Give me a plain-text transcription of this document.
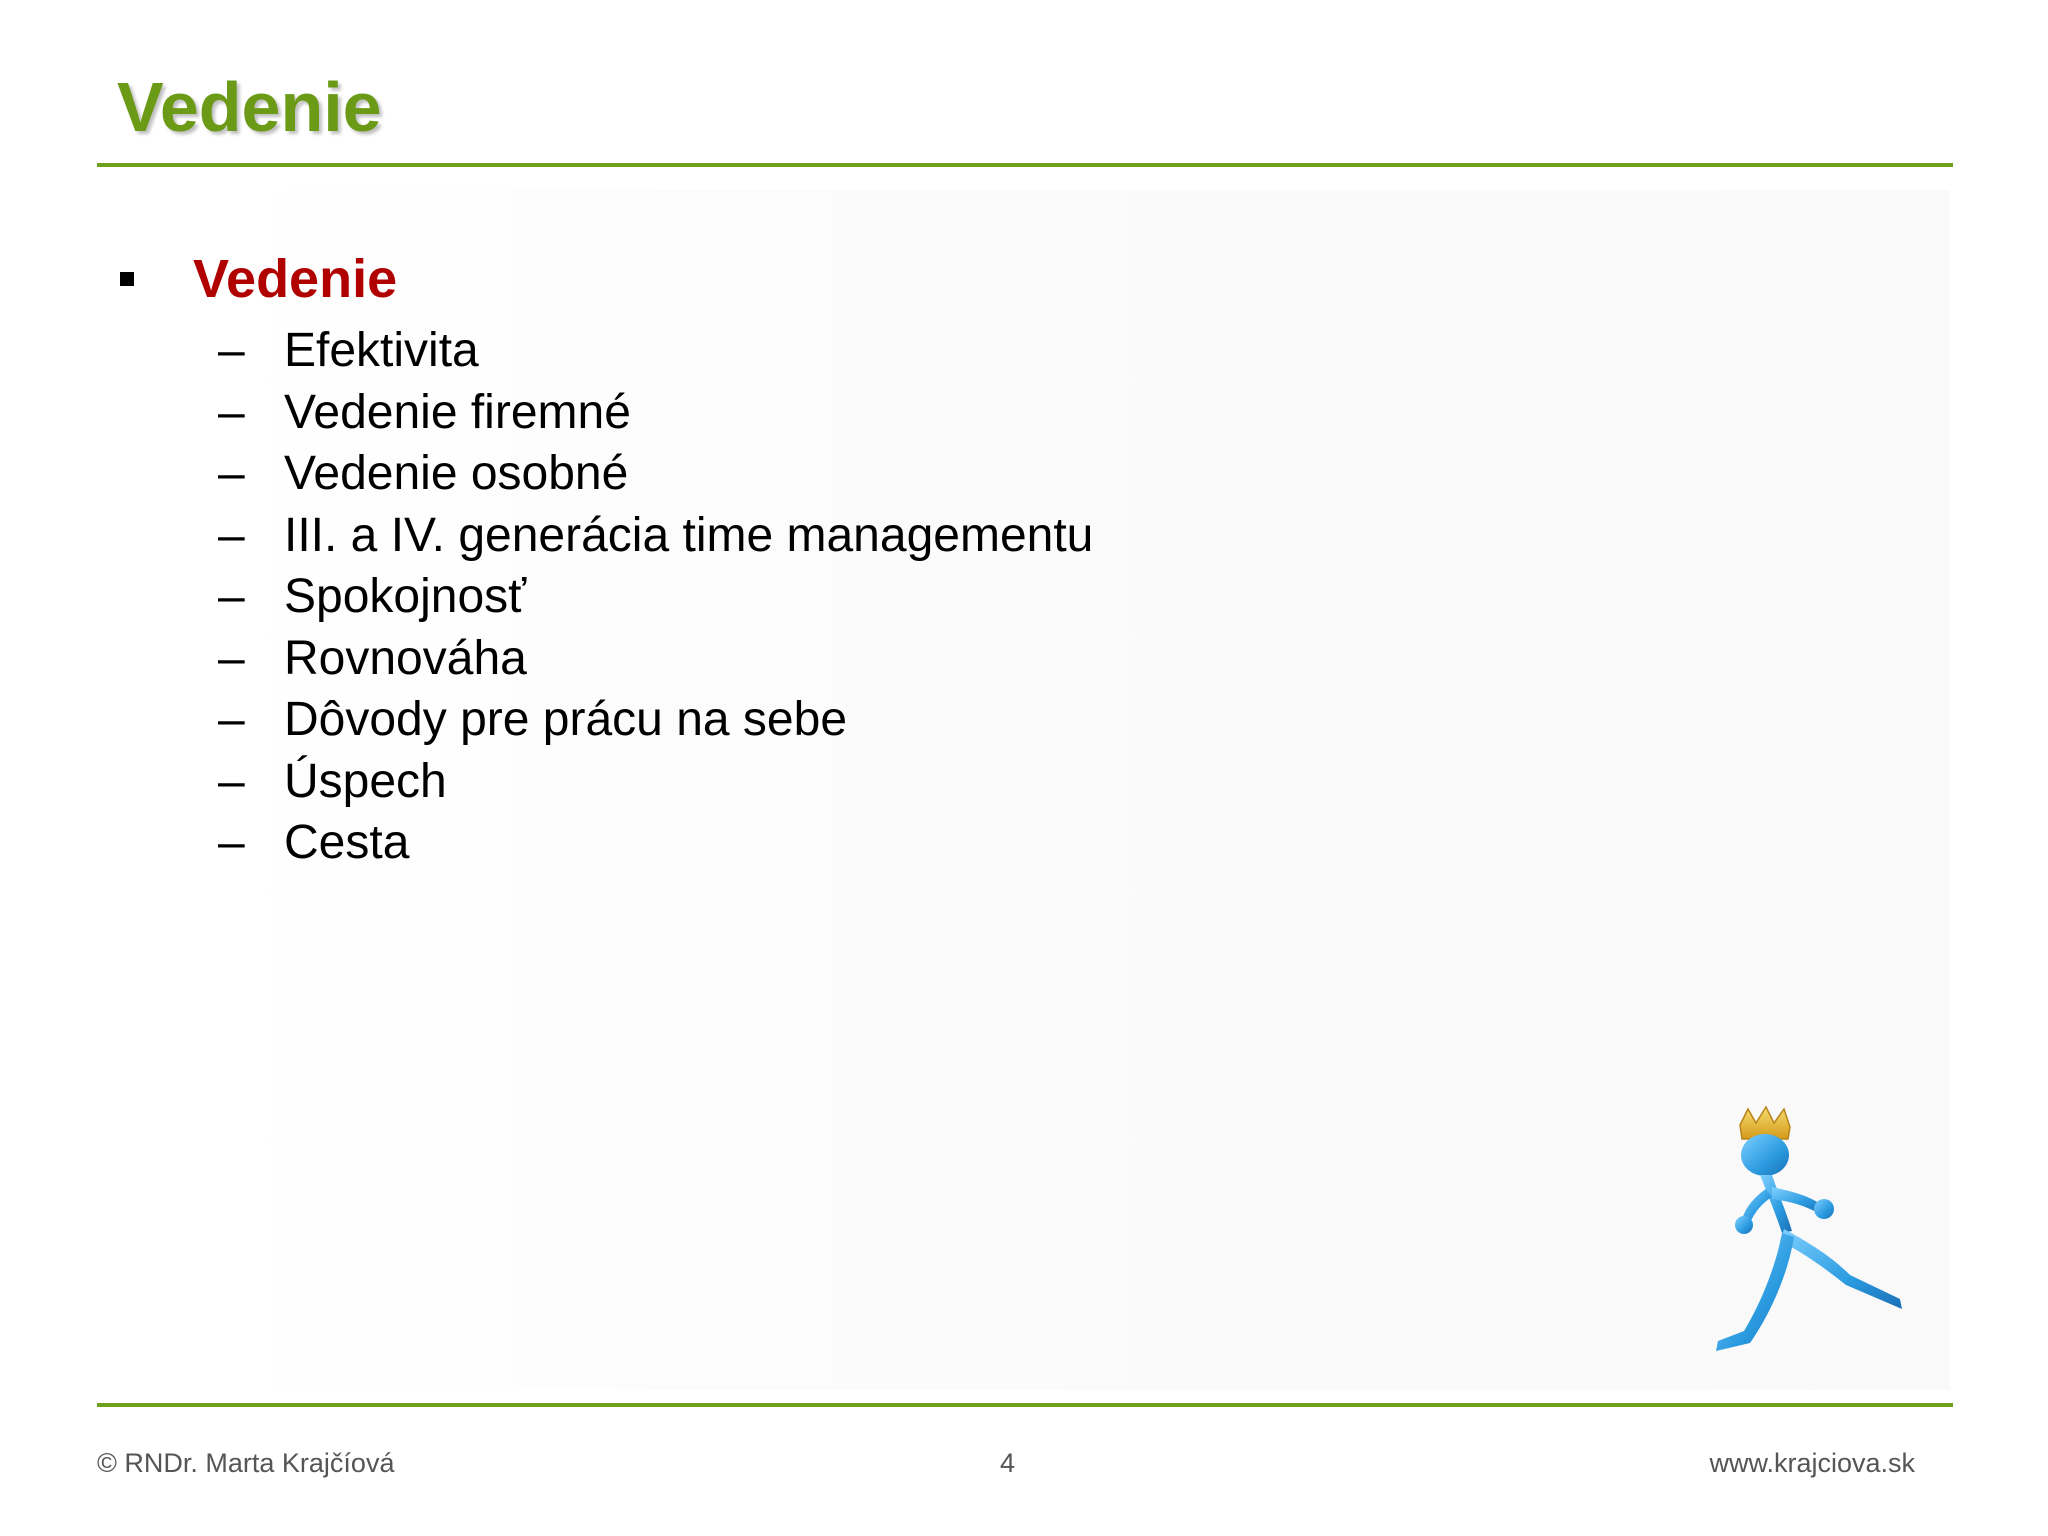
Vedenie
Vedenie
– Efektivita
– Vedenie firemné
– Vedenie osobné
– III. a IV. generácia time managementu
– Spokojnosť
– Rovnováha
– Dôvody pre prácu na sebe
– Úspech
– Cesta
© RNDr. Marta Krajčíová	4	www.krajciova.sk
